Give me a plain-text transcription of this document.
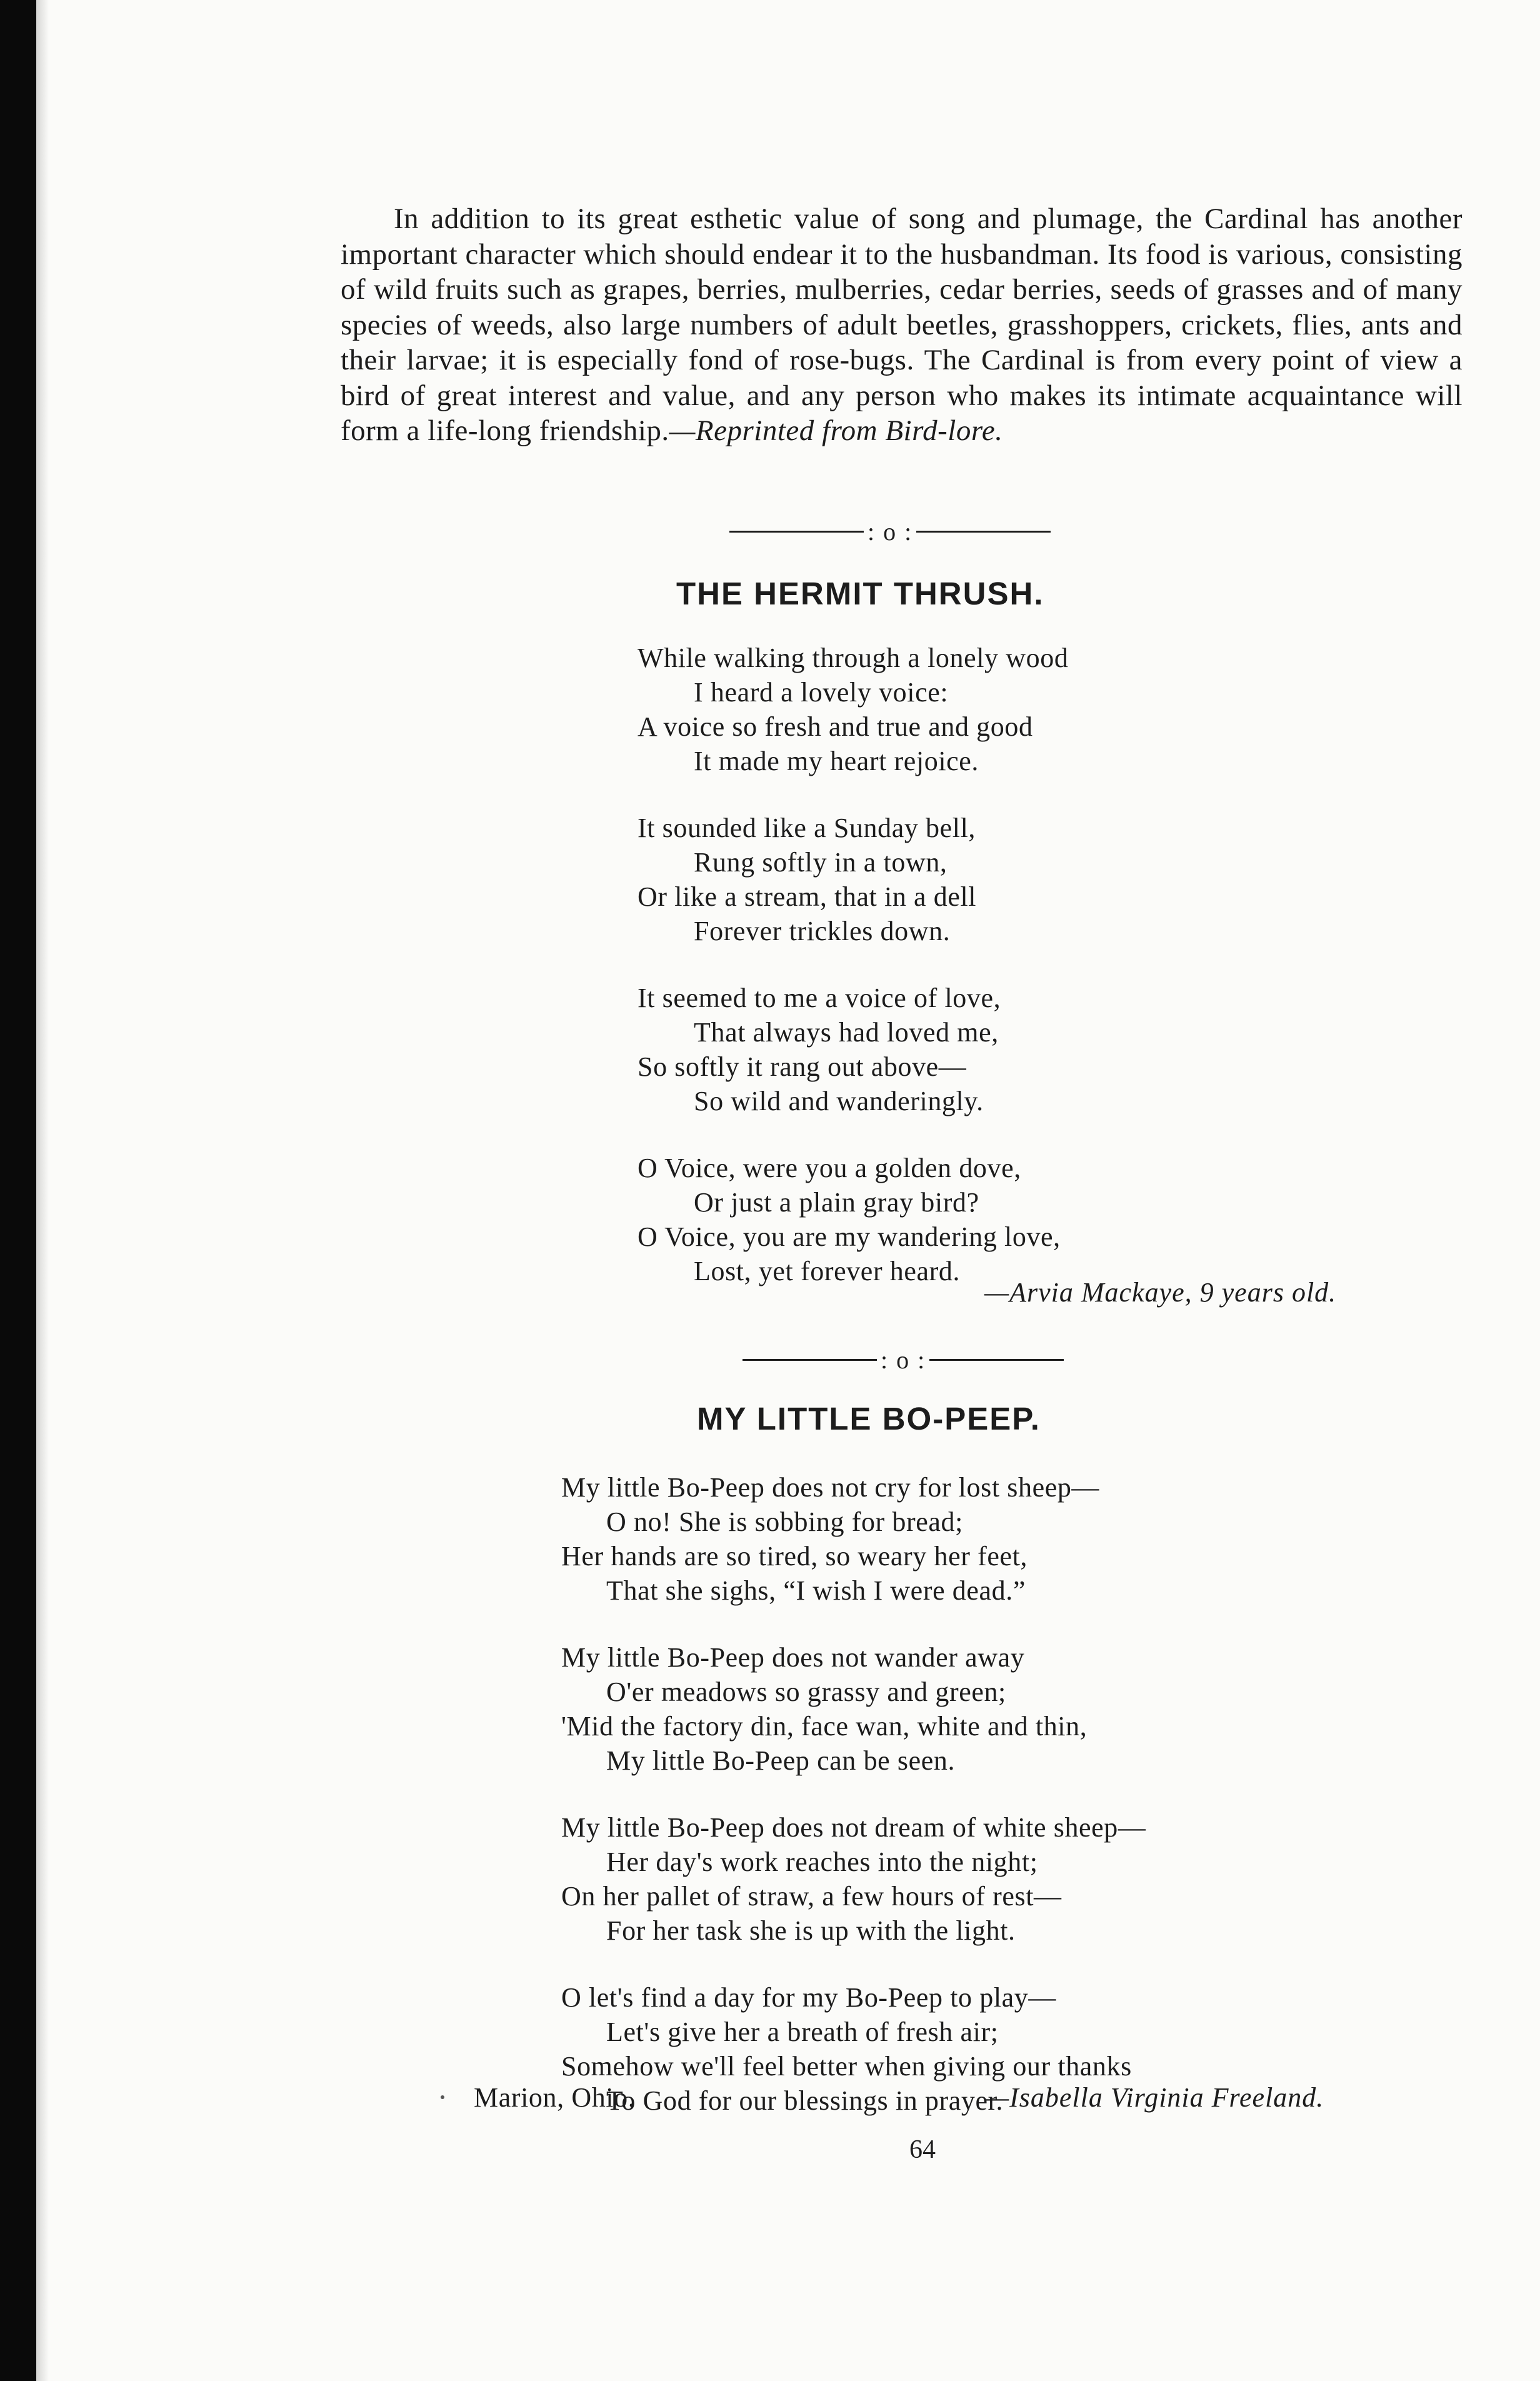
In addition to its great esthetic value of song and plumage, the Cardinal has another important character which should endear it to the husbandman. Its food is various, consisting of wild fruits such as grapes, berries, mulberries, cedar berries, seeds of grasses and of many species of weeds, also large numbers of adult beetles, grasshoppers, crickets, flies, ants and their larvae; it is especially fond of rose-bugs. The Cardinal is from every point of view a bird of great interest and value, and any person who makes its intimate acquaintance will form a life-long friendship.—Reprinted from Bird-lore.
: o :
THE HERMIT THRUSH.
While walking through a lonely wood
I heard a lovely voice:
A voice so fresh and true and good
It made my heart rejoice.
It sounded like a Sunday bell,
Rung softly in a town,
Or like a stream, that in a dell
Forever trickles down.
It seemed to me a voice of love,
That always had loved me,
So softly it rang out above—
So wild and wanderingly.
O Voice, were you a golden dove,
Or just a plain gray bird?
O Voice, you are my wandering love,
Lost, yet forever heard.
—Arvia Mackaye, 9 years old.
: o :
MY LITTLE BO-PEEP.
My little Bo-Peep does not cry for lost sheep—
O no! She is sobbing for bread;
Her hands are so tired, so weary her feet,
That she sighs, “I wish I were dead.”
My little Bo-Peep does not wander away
O'er meadows so grassy and green;
'Mid the factory din, face wan, white and thin,
My little Bo-Peep can be seen.
My little Bo-Peep does not dream of white sheep—
Her day's work reaches into the night;
On her pallet of straw, a few hours of rest—
For her task she is up with the light.
O let's find a day for my Bo-Peep to play—
Let's give her a breath of fresh air;
Somehow we'll feel better when giving our thanks
To God for our blessings in prayer.
Marion, Ohio.	—Isabella Virginia Freeland.
64
